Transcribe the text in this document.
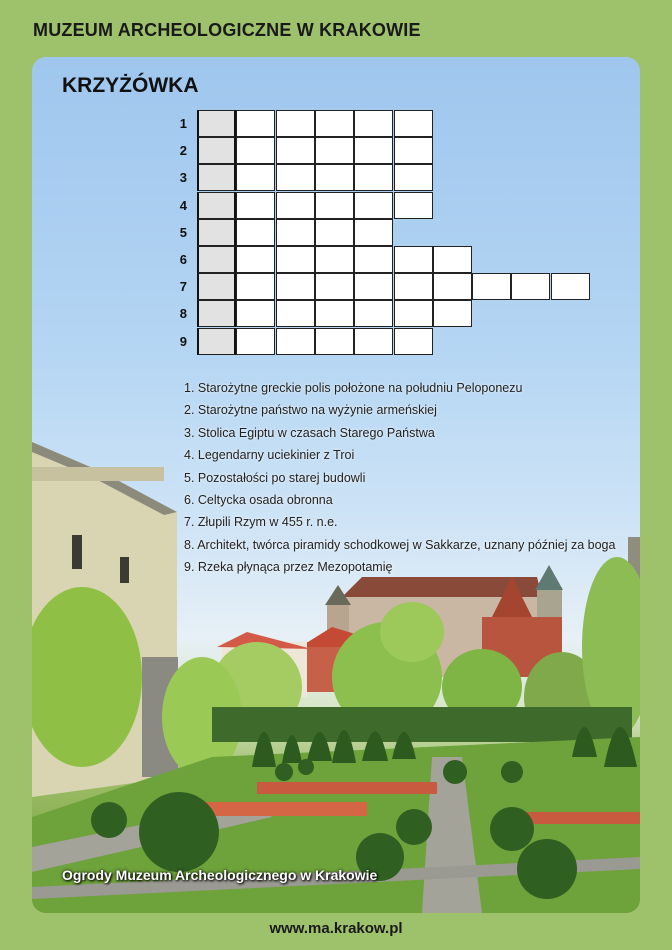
MUZEUM ARCHEOLOGICZNE W KRAKOWIE
KRZYŻÓWKA
1
2
3
4
5
6
7
8
9
1. Starożytne greckie polis położone na południu Peloponezu
2. Starożytne państwo na wyżynie armeńskiej
3. Stolica Egiptu w czasach Starego Państwa
4. Legendarny uciekinier z Troi
5. Pozostałości po starej budowli
6. Celtycka osada obronna
7. Złupili Rzym w 455 r. n.e.
8. Architekt, twórca piramidy schodkowej w Sakkarze, uznany później za boga
9. Rzeka płynąca przez Mezopotamię
Ogrody Muzeum Archeologicznego w Krakowie
www.ma.krakow.pl
